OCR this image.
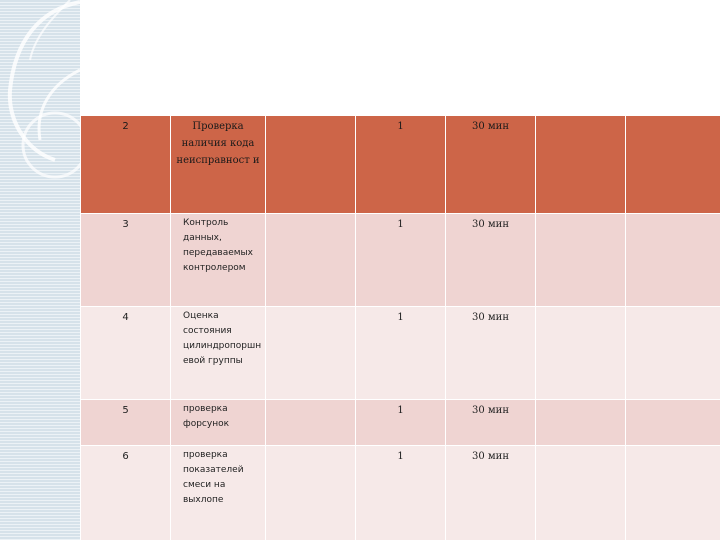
2	Проверка наличия кода неисправност и		1	30 мин		
3	Контроль данных, передаваемых контролером		1	30 мин		
4	Оценка состояния цилиндропоршн евой группы		1	30 мин		
5	проверка форсунок		1	30 мин		
6	проверка показателей смеси на выхлопе		1	30 мин		
